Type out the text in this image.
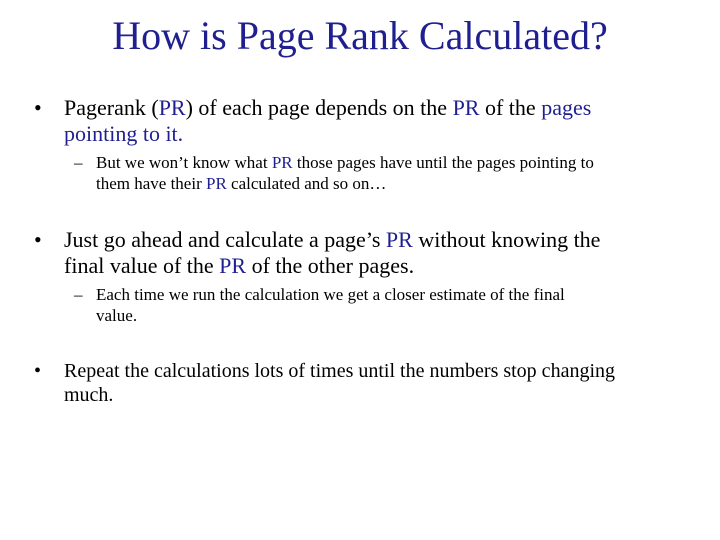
How is Page Rank Calculated?
• Pagerank (PR) of each page depends on the PR of the pages
pointing to it.
– But we won’t know what PR those pages have until the pages pointing to
them have their PR calculated and so on…
• Just go ahead and calculate a page’s PR without knowing the
final value of the PR of the other pages.
– Each time we run the calculation we get a closer estimate of the final
value.
• Repeat the calculations lots of times until the numbers stop changing
much.
